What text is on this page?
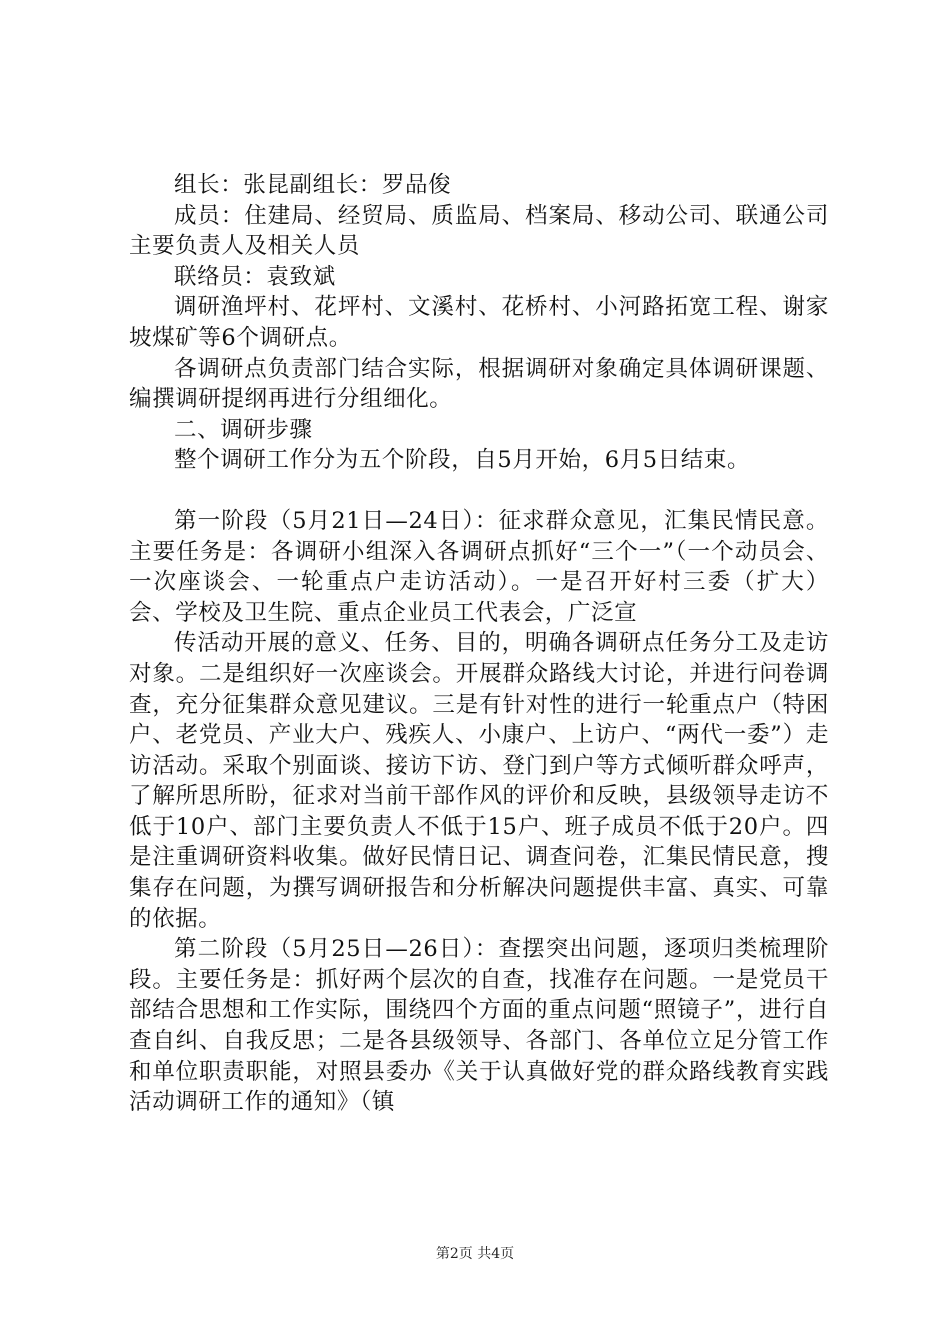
组长：张昆副组长：罗品俊

成员：住建局、经贸局、质监局、档案局、移动公司、联通公司主要负责人及相关人员

联络员：袁致斌

调研渔坪村、花坪村、文溪村、花桥村、小河路拓宽工程、谢家坡煤矿等6个调研点。

各调研点负责部门结合实际，根据调研对象确定具体调研课题、编撰调研提纲再进行分组细化。

二、调研步骤

整个调研工作分为五个阶段，自5月开始，6月5日结束。

第一阶段（5月21日—24日）：征求群众意见，汇集民情民意。主要任务是：各调研小组深入各调研点抓好“三个一”（一个动员会、一次座谈会、一轮重点户走访活动）。一是召开好村三委（扩大）会、学校及卫生院、重点企业员工代表会，广泛宣

传活动开展的意义、任务、目的，明确各调研点任务分工及走访对象。二是组织好一次座谈会。开展群众路线大讨论，并进行问卷调查，充分征集群众意见建议。三是有针对性的进行一轮重点户（特困户、老党员、产业大户、残疾人、小康户、上访户、“两代一委”）走访活动。采取个别面谈、接访下访、登门到户等方式倾听群众呼声，了解所思所盼，征求对当前干部作风的评价和反映，县级领导走访不低于10户、部门主要负责人不低于15户、班子成员不低于20户。四是注重调研资料收集。做好民情日记、调查问卷，汇集民情民意，搜集存在问题，为撰写调研报告和分析解决问题提供丰富、真实、可靠的依据。

第二阶段（5月25日—26日）：查摆突出问题，逐项归类梳理阶段。主要任务是：抓好两个层次的自查，找准存在问题。一是党员干部结合思想和工作实际，围绕四个方面的重点问题“照镜子”，进行自查自纠、自我反思；二是各县级领导、各部门、各单位立足分管工作和单位职责职能，对照县委办《关于认真做好党的群众路线教育实践活动调研工作的通知》（镇

第2页 共4页
